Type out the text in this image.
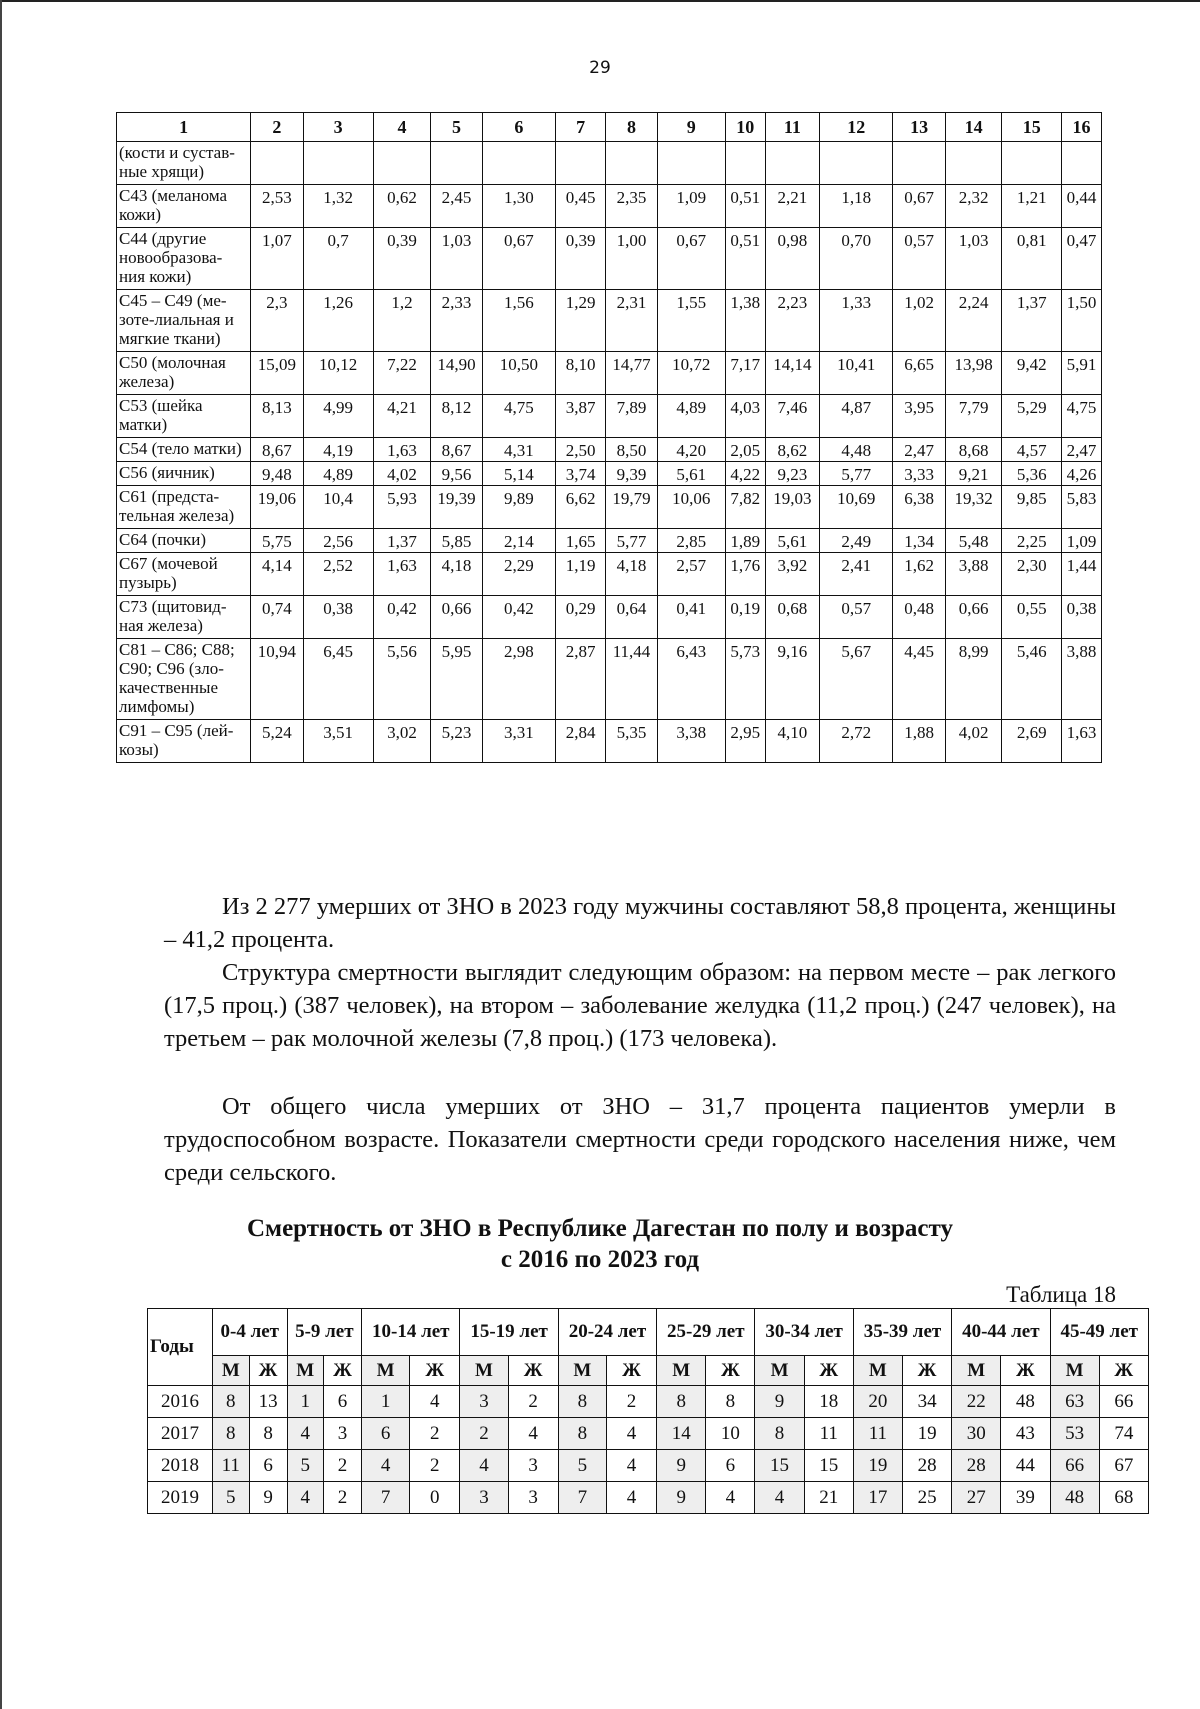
29
1	2	3	4	5	6	7	8	9	10	11	12	13	14	15	16
(кости и сустав-ные хрящи)															
С43 (меланома кожи)	2,53	1,32	0,62	2,45	1,30	0,45	2,35	1,09	0,51	2,21	1,18	0,67	2,32	1,21	0,44
С44 (другие новообразова-ния кожи)	1,07	0,7	0,39	1,03	0,67	0,39	1,00	0,67	0,51	0,98	0,70	0,57	1,03	0,81	0,47
С45 – С49 (ме-зоте-лиальная и мягкие ткани)	2,3	1,26	1,2	2,33	1,56	1,29	2,31	1,55	1,38	2,23	1,33	1,02	2,24	1,37	1,50
С50 (молочная железа)	15,09	10,12	7,22	14,90	10,50	8,10	14,77	10,72	7,17	14,14	10,41	6,65	13,98	9,42	5,91
С53 (шейка матки)	8,13	4,99	4,21	8,12	4,75	3,87	7,89	4,89	4,03	7,46	4,87	3,95	7,79	5,29	4,75
С54 (тело матки)	8,67	4,19	1,63	8,67	4,31	2,50	8,50	4,20	2,05	8,62	4,48	2,47	8,68	4,57	2,47
С56 (яичник)	9,48	4,89	4,02	9,56	5,14	3,74	9,39	5,61	4,22	9,23	5,77	3,33	9,21	5,36	4,26
С61 (предста-тельная железа)	19,06	10,4	5,93	19,39	9,89	6,62	19,79	10,06	7,82	19,03	10,69	6,38	19,32	9,85	5,83
С64 (почки)	5,75	2,56	1,37	5,85	2,14	1,65	5,77	2,85	1,89	5,61	2,49	1,34	5,48	2,25	1,09
С67 (мочевой пузырь)	4,14	2,52	1,63	4,18	2,29	1,19	4,18	2,57	1,76	3,92	2,41	1,62	3,88	2,30	1,44
С73 (щитовид-ная железа)	0,74	0,38	0,42	0,66	0,42	0,29	0,64	0,41	0,19	0,68	0,57	0,48	0,66	0,55	0,38
С81 – С86; С88; С90; С96 (зло-качественные лимфомы)	10,94	6,45	5,56	5,95	2,98	2,87	11,44	6,43	5,73	9,16	5,67	4,45	8,99	5,46	3,88
С91 – С95 (лей-козы)	5,24	3,51	3,02	5,23	3,31	2,84	5,35	3,38	2,95	4,10	2,72	1,88	4,02	2,69	1,63

Из 2 277 умерших от ЗНО в 2023 году мужчины составляют 58,8 процента, женщины – 41,2 процента.

Структура смертности выглядит следующим образом: на первом месте – рак легкого (17,5 проц.) (387 человек), на втором – заболевание желудка (11,2 проц.) (247 человек), на третьем – рак молочной железы (7,8 проц.) (173 человека).

От общего числа умерших от ЗНО – 31,7 процента пациентов умерли в трудоспособном возрасте. Показатели смертности среди городского населения ниже, чем среди сельского.

Смертность от ЗНО в Республике Дагестан по полу и возрасту
с 2016 по 2023 год
Таблица 18
Годы	0-4 лет		5-9 лет		10-14 лет		15-19 лет		20-24 лет		25-29 лет		30-34 лет		35-39 лет		40-44 лет		45-49 лет	
	М	Ж	М	Ж	М	Ж	М	Ж	М	Ж	М	Ж	М	Ж	М	Ж	М	Ж	М	Ж
2016	8	13	1	6	1	4	3	2	8	2	8	8	9	18	20	34	22	48	63	66
2017	8	8	4	3	6	2	2	4	8	4	14	10	8	11	11	19	30	43	53	74
2018	11	6	5	2	4	2	4	3	5	4	9	6	15	15	19	28	28	44	66	67
2019	5	9	4	2	7	0	3	3	7	4	9	4	4	21	17	25	27	39	48	68
